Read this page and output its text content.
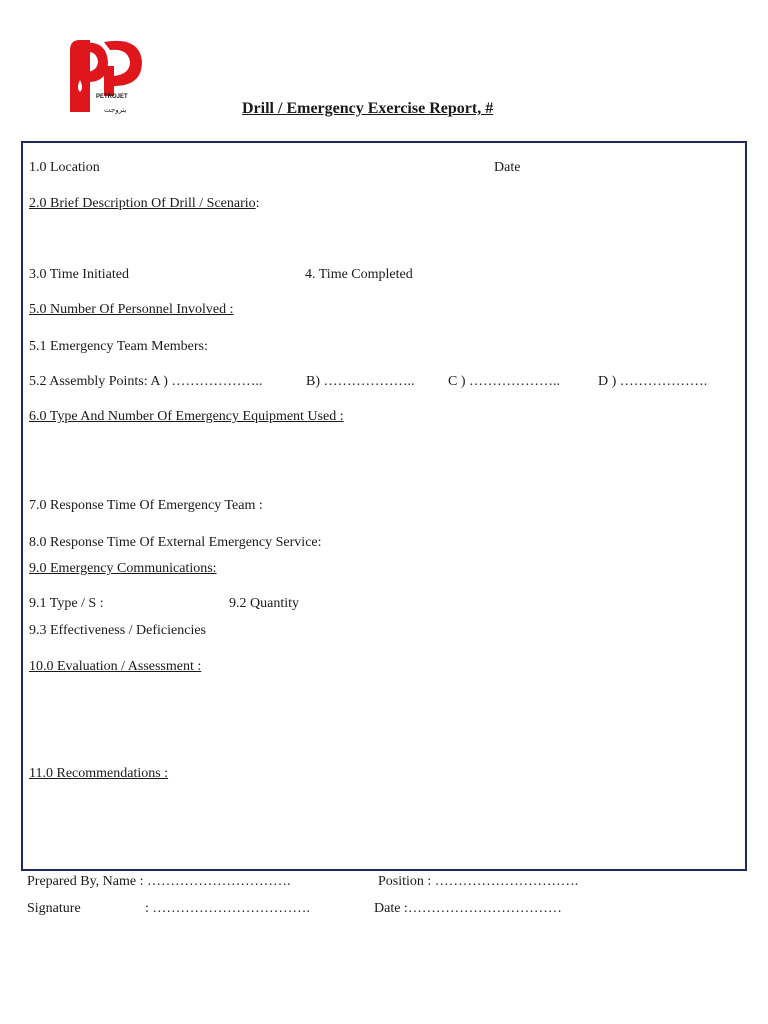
PETROJET
بتروجت	Drill / Emergency Exercise Report, #
1.0 Location	Date
2.0 Brief Description Of Drill / Scenario:
3.0 Time Initiated	4. Time Completed
5.0 Number Of Personnel Involved :
5.1 Emergency Team Members:
5.2 Assembly Points: A ) ………………..	B) ……………….. C ) ………………..	D ) ……………….
6.0 Type And Number Of Emergency Equipment Used :
7.0 Response Time Of Emergency Team :
8.0 Response Time Of External Emergency Service:
9.0 Emergency Communications:
9.1 Type / S :	9.2 Quantity
9.3 Effectiveness / Deficiencies
10.0 Evaluation / Assessment :
11.0 Recommendations :
Prepared By, Name : ………………………….	Position : ………………………….
Signature	: …………………………….	Date :……………………………
